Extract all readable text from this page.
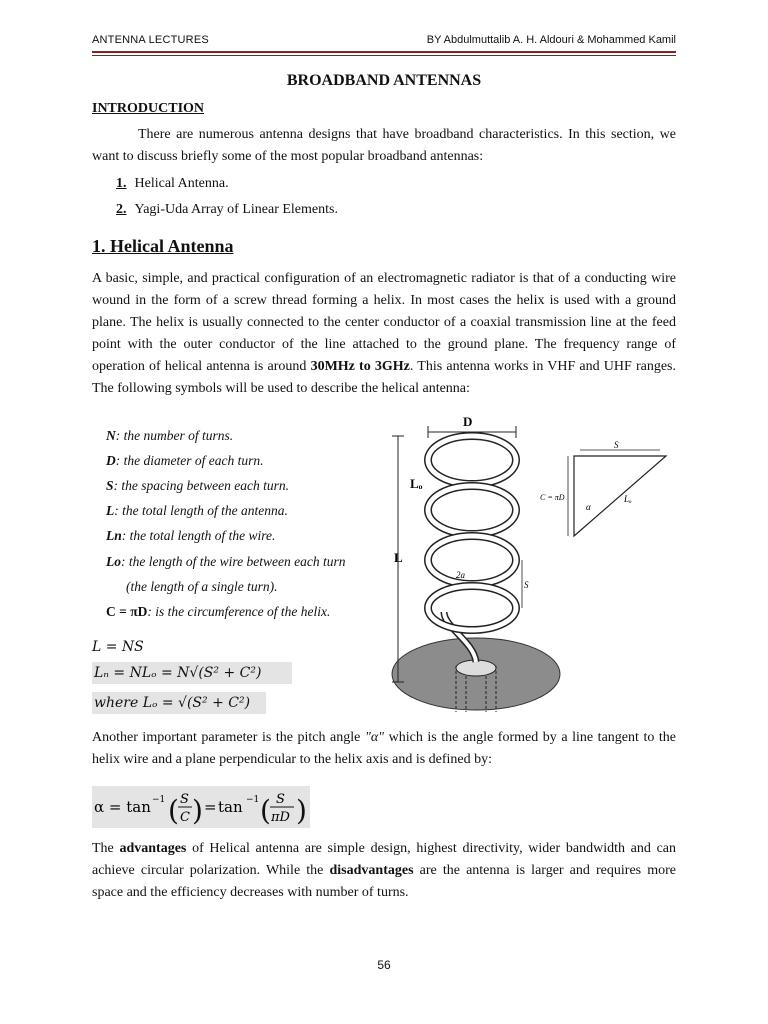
ANTENNA LECTURES	BY Abdulmuttalib A. H. Aldouri & Mohammed Kamil
BROADBAND ANTENNAS
INTRODUCTION
There are numerous antenna designs that have broadband characteristics. In this section, we want to discuss briefly some of the most popular broadband antennas:
1. Helical Antenna.
2. Yagi-Uda Array of Linear Elements.
1. Helical Antenna
A basic, simple, and practical configuration of an electromagnetic radiator is that of a conducting wire wound in the form of a screw thread forming a helix. In most cases the helix is used with a ground plane. The helix is usually connected to the center conductor of a coaxial transmission line at the feed point with the outer conductor of the line attached to the ground plane. The frequency range of operation of helical antenna is around 30MHz to 3GHz. This antenna works in VHF and UHF ranges. The following symbols will be used to describe the helical antenna:
N: the number of turns.
D: the diameter of each turn.
S: the spacing between each turn.
L: the total length of the antenna.
Ln: the total length of the wire.
Lo: the length of the wire between each turn
(the length of a single turn).
C = πD: is the circumference of the helix.
L = NS
Lₙ = NLₒ = N√(S² + C²)
where Lₒ = √(S² + C²)
D
L
Lₒ
2a
S
S
C = πD
α
Lₒ
Another important parameter is the pitch angle "α" which is the angle formed by a line tangent to the helix wire and a plane perpendicular to the helix axis and is defined by:
α = tan −1 ( S
C ) = tan −1 ( S
πD )
The advantages of Helical antenna are simple design, highest directivity, wider bandwidth and can achieve circular polarization. While the disadvantages are the antenna is larger and requires more space and the efficiency decreases with number of turns.
56
